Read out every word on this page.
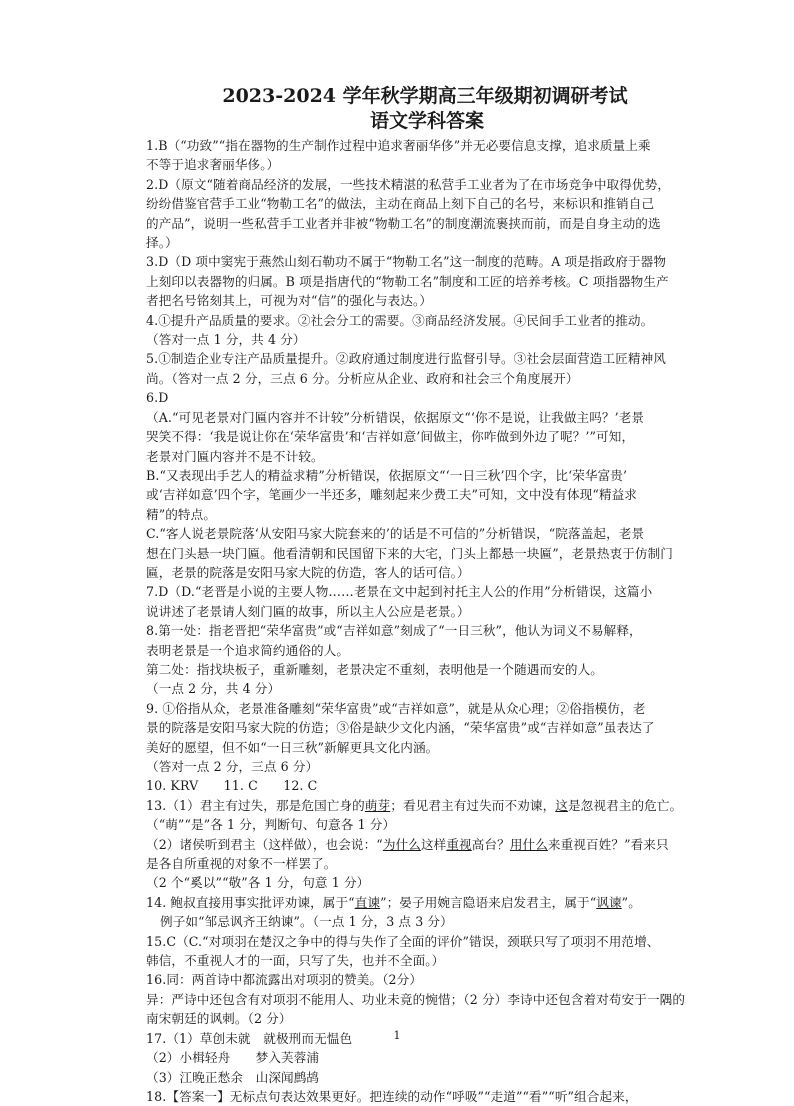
2023-2024 学年秋学期高三年级期初调研考试
语文学科答案

1.B（“功致”“指在器物的生产制作过程中追求奢丽华侈”并无必要信息支撑，追求质量上乘

不等于追求奢丽华侈。）

2.D（原文“随着商品经济的发展，一些技术精湛的私营手工业者为了在市场竞争中取得优势，

纷纷借鉴官营手工业“物勒工名”的做法，主动在商品上刻下自己的名号，来标识和推销自己

的产品”，说明一些私营手工业者并非被“物勒工名”的制度潮流裹挟而前，而是自身主动的选

择。）

3.D（D 项中窦宪于燕然山刻石勒功不属于“物勒工名”这一制度的范畴。A 项是指政府于器物

上刻印以表器物的归属。B 项是指唐代的“物勒工名”制度和工匠的培养考核。C 项指器物生产

者把名号铭刻其上，可视为对“信”的强化与表达。）

4.①提升产品质量的要求。②社会分工的需要。③商品经济发展。④民间手工业者的推动。

（答对一点 1 分，共 4 分）

5.①制造企业专注产品质量提升。②政府通过制度进行监督引导。③社会层面营造工匠精神风

尚。（答对一点 2 分，三点 6 分。分析应从企业、政府和社会三个角度展开）

6.D

（A.“可见老景对门匾内容并不计较”分析错误，依据原文“‘你不是说，让我做主吗？’老景

哭笑不得：‘我是说让你在‘荣华富贵’和‘吉祥如意’间做主，你咋做到外边了呢？’”可知，

老景对门匾内容并不是不计较。

B.“又表现出手艺人的精益求精”分析错误，依据原文“‘一日三秋’四个字，比‘荣华富贵’

或‘吉祥如意’四个字，笔画少一半还多，雕刻起来少费工夫”可知，文中没有体现“精益求

精”的特点。

C.“客人说老景院落‘从安阳马家大院套来的’的话是不可信的”分析错误，“院落盖起，老景

想在门头悬一块门匾。他看清朝和民国留下来的大宅，门头上都悬一块匾”，老景热衷于仿制门

匾，老景的院落是安阳马家大院的仿造，客人的话可信。）

7.D（D.“老晋是小说的主要人物……老景在文中起到衬托主人公的作用”分析错误，这篇小

说讲述了老景请人刻门匾的故事，所以主人公应是老景。）

8.第一处：指老晋把“荣华富贵”或“吉祥如意”刻成了“一日三秋”，他认为词义不易解释，

表明老景是一个追求简约通俗的人。

第二处：指找块板子，重新雕刻，老景决定不重刻，表明他是一个随遇而安的人。

（一点 2 分，共 4 分）

9. ①俗指从众，老景准备雕刻“荣华富贵”或“吉祥如意”，就是从众心理；②俗指模仿，老

景的院落是安阳马家大院的仿造；③俗是缺少文化内涵，“荣华富贵”或“吉祥如意”虽表达了

美好的愿望，但不如“一日三秋”新解更具文化内涵。

（答对一点 2 分，三点 6 分）

10. KRV　　11. C　　12. C

13.（1）君主有过失，那是危国亡身的萌芽；看见君主有过失而不劝谏，这是忽视君主的危亡。

（“萌”“是”各 1 分，判断句、句意各 1 分）

（2）诸侯听到君主（这样做），也会说：“为什么这样重视高台？用什么来重视百姓？”看来只

是各自所重视的对象不一样罢了。

（2 个“奚以”“敬”各 1 分，句意 1 分）

14. 鲍叔直接用事实批评劝谏，属于“直谏”；晏子用婉言隐语来启发君主，属于“讽谏”。

例子如“邹忌讽齐王纳谏”。（一点 1 分，3 点 3 分）

15.C（C.“对项羽在楚汉之争中的得与失作了全面的评价”错误，颈联只写了项羽不用范增、

韩信，不重视人才的一面，只写了失，也并不全面。）

16.同：两首诗中都流露出对项羽的赞美。（2分）

异：严诗中还包含有对项羽不能用人、功业未竟的惋惜；（2 分）李诗中还包含着对苟安于一隅的

南宋朝廷的讽刺。（2 分）

17.（1）草创未就　就极刑而无愠色

（2）小楫轻舟　　梦入芙蓉浦

（3）江晚正愁余　山深闻鹧鸪

18.【答案一】无标点句表达效果更好。把连续的动作“呼吸”“走道”“看”“听”组合起来，

1
